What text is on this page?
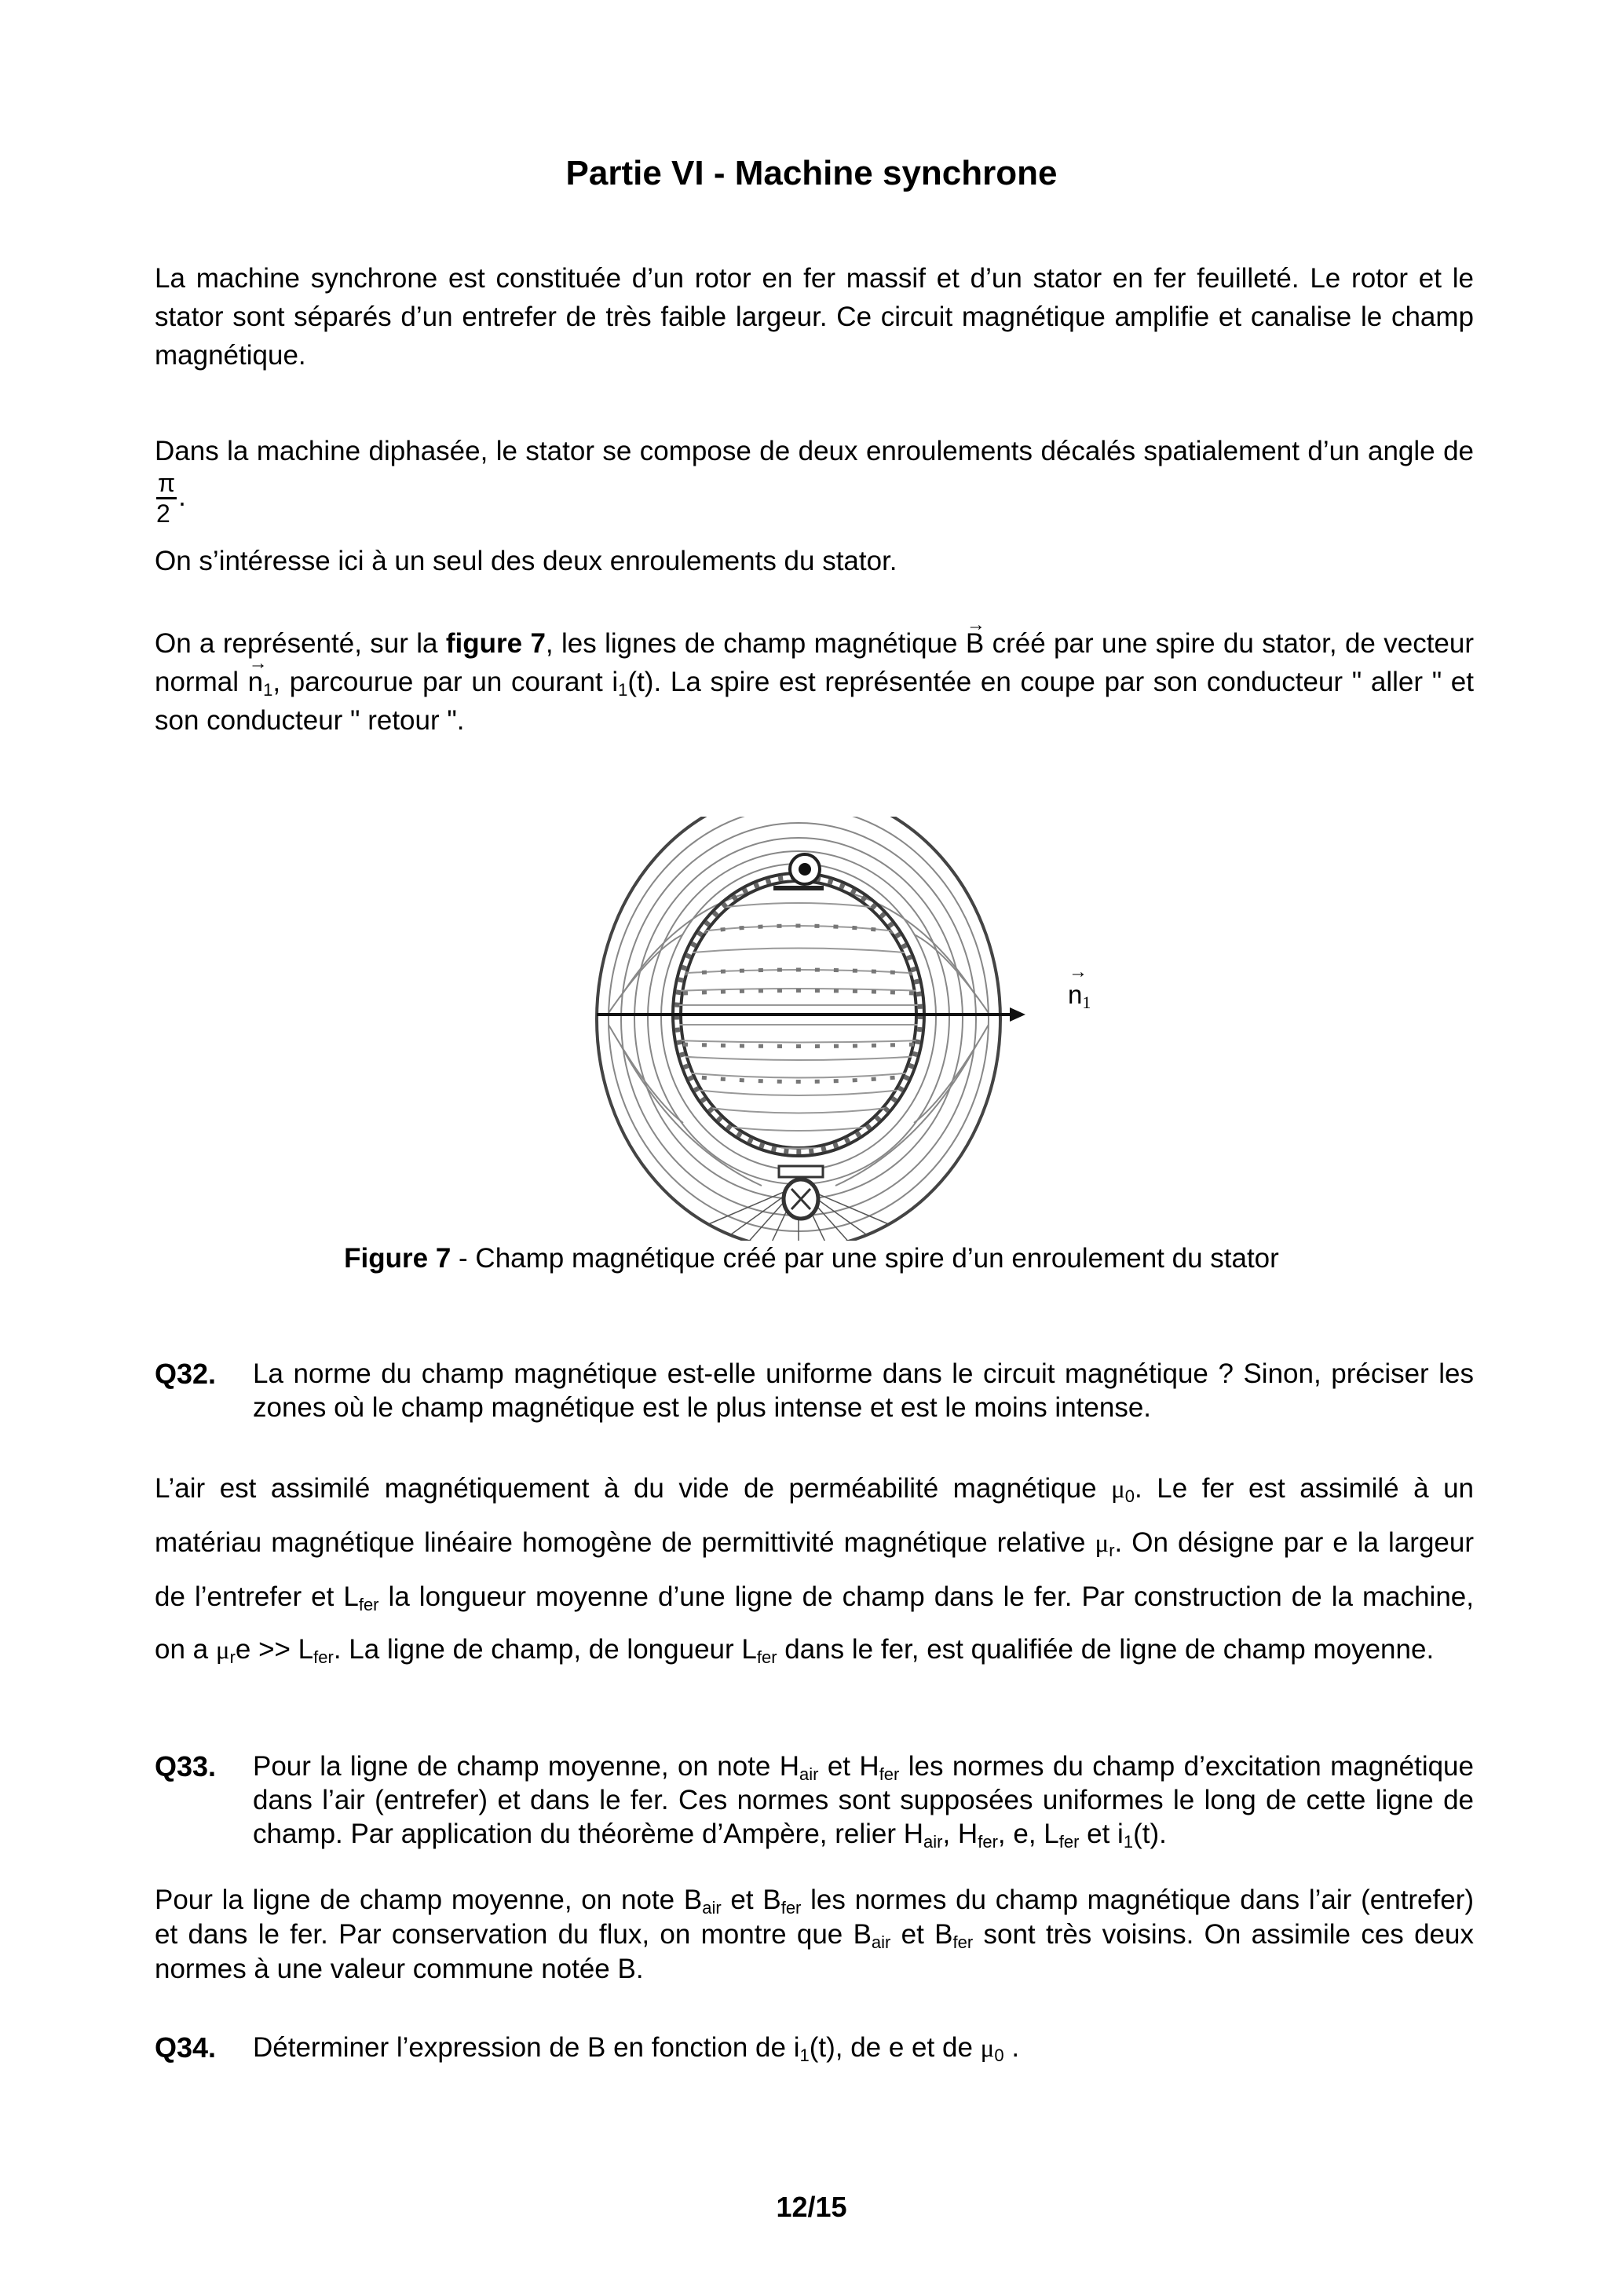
Partie VI - Machine synchrone
La machine synchrone est constituée d’un rotor en fer massif et d’un stator en fer feuilleté. Le rotor et le stator sont séparés d’un entrefer de très faible largeur. Ce circuit magnétique amplifie et canalise le champ magnétique.
Dans la machine diphasée, le stator se compose de deux enroulements décalés spatialement d’un angle de
$\frac{\pi}{2}$ .
On s’intéresse ici à un seul des deux enroulements du stator.
On a représenté, sur la figure 7, les lignes de champ magnétique → B créé par une spire du stator, de vecteur normal → $n_1$, parcourue par un courant $i_1(t)$. La spire est représentée en coupe par son conducteur " aller " et son conducteur " retour ".
→ $n_1$
Figure 7 - Champ magnétique créé par une spire d’un enroulement du stator
Q32. La norme du champ magnétique est-elle uniforme dans le circuit magnétique ? Sinon, préciser les zones où le champ magnétique est le plus intense et est le moins intense.
L’air est assimilé magnétiquement à du vide de perméabilité magnétique $\mu_0$. Le fer est assimilé à un matériau magnétique linéaire homogène de permittivité magnétique relative $\mu_r$. On désigne par e la largeur de l’entrefer et $L_{fer}$ la longueur moyenne d’une ligne de champ dans le fer. Par construction de la machine, on a $\mu_re >> L_{fer}$. La ligne de champ, de longueur $L_{fer}$ dans le fer, est qualifiée de ligne de champ moyenne.
Q33. Pour la ligne de champ moyenne, on note $H_{air}$ et $H_{fer}$ les normes du champ d’excitation magnétique dans l’air (entrefer) et dans le fer. Ces normes sont supposées uniformes le long de cette ligne de champ. Par application du théorème d’Ampère, relier $H_{air}$, $H_{fer}$, e, $L_{fer}$ et $i_1(t)$.
Pour la ligne de champ moyenne, on note $B_{air}$ et $B_{fer}$ les normes du champ magnétique dans l’air (entrefer) et dans le fer. Par conservation du flux, on montre que $B_{air}$ et $B_{fer}$ sont très voisins. On assimile ces deux normes à une valeur commune notée B.
Q34. Déterminer l’expression de B en fonction de $i_1(t)$, de e et de $\mu_0$ .
12/15
